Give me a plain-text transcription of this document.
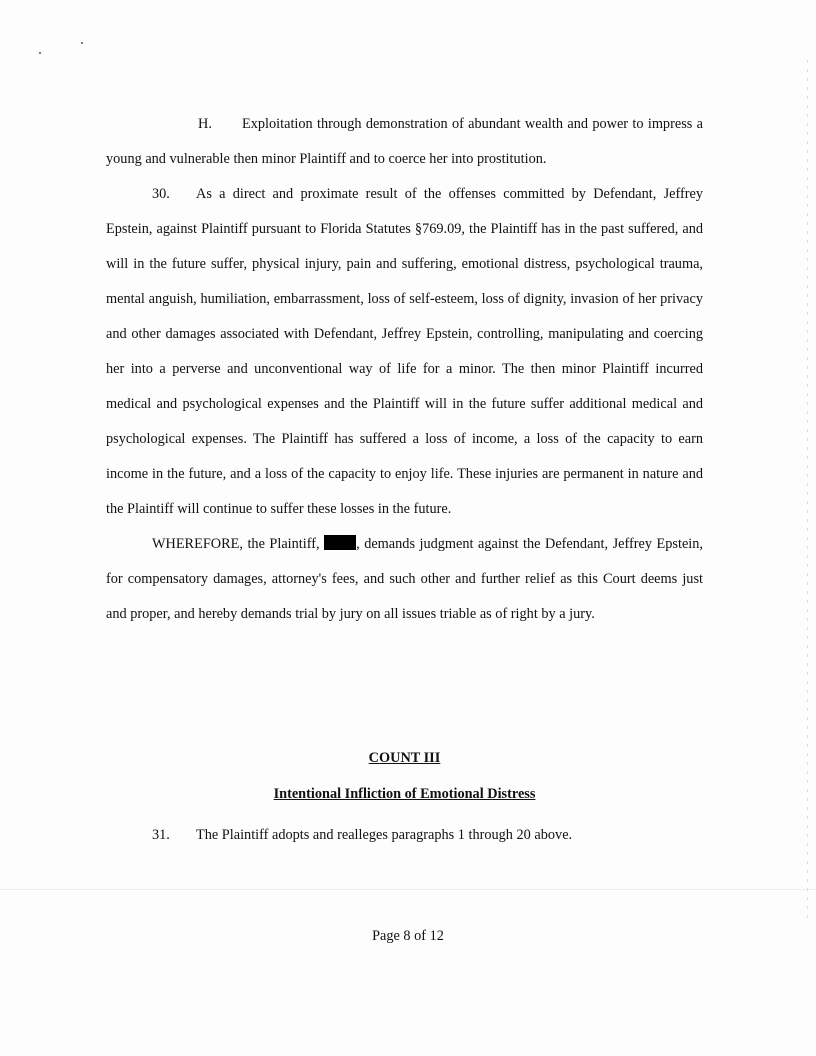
H. Exploitation through demonstration of abundant wealth and power to impress a young and vulnerable then minor Plaintiff and to coerce her into prostitution.

30. As a direct and proximate result of the offenses committed by Defendant, Jeffrey Epstein, against Plaintiff pursuant to Florida Statutes §769.09, the Plaintiff has in the past suffered, and will in the future suffer, physical injury, pain and suffering, emotional distress, psychological trauma, mental anguish, humiliation, embarrassment, loss of self-esteem, loss of dignity, invasion of her privacy and other damages associated with Defendant, Jeffrey Epstein, controlling, manipulating and coercing her into a perverse and unconventional way of life for a minor. The then minor Plaintiff incurred medical and psychological expenses and the Plaintiff will in the future suffer additional medical and psychological expenses. The Plaintiff has suffered a loss of income, a loss of the capacity to earn income in the future, and a loss of the capacity to enjoy life. These injuries are permanent in nature and the Plaintiff will continue to suffer these losses in the future.

WHEREFORE, the Plaintiff,	, demands judgment against the Defendant, Jeffrey Epstein, for compensatory damages, attorney's fees, and such other and further relief as this Court deems just and proper, and hereby demands trial by jury on all issues triable as of right by a jury.

COUNT III
Intentional Infliction of Emotional Distress

31. The Plaintiff adopts and realleges paragraphs 1 through 20 above.

Page 8 of 12
